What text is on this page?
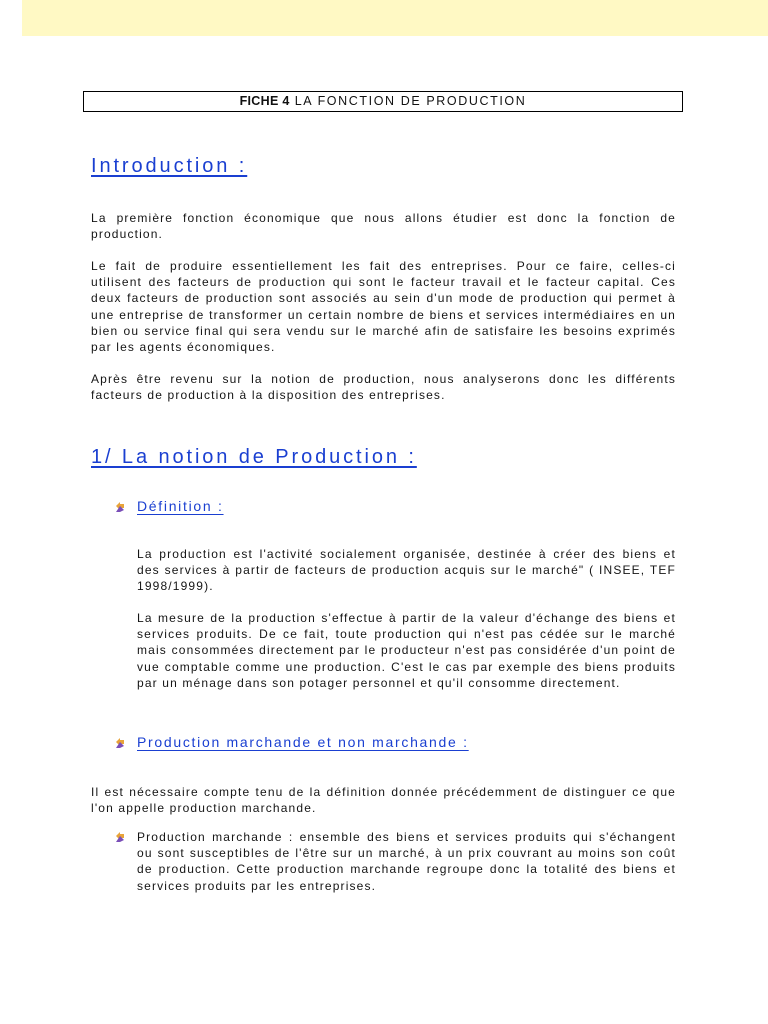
FICHE 4 LA FONCTION DE PRODUCTION
Introduction :

La première fonction économique que nous allons étudier est donc la fonction de production.

Le fait de produire essentiellement les fait des entreprises. Pour ce faire, celles-ci utilisent des facteurs de production qui sont le facteur travail et le facteur capital. Ces deux facteurs de production sont associés au sein d'un mode de production qui permet à une entreprise de transformer un certain nombre de biens et services intermédiaires en un bien ou service final qui sera vendu sur le marché afin de satisfaire les besoins exprimés par les agents économiques.

Après être revenu sur la notion de production, nous analyserons donc les différents facteurs de production à la disposition des entreprises.

1/ La notion de Production :
Définition :

La production est l'activité socialement organisée, destinée à créer des biens et des services à partir de facteurs de production acquis sur le marché" ( INSEE, TEF 1998/1999).

La mesure de la production s'effectue à partir de la valeur d'échange des biens et services produits. De ce fait, toute production qui n'est pas cédée sur le marché mais consommées directement par le producteur n'est pas considérée d'un point de vue comptable comme une production. C'est le cas par exemple des biens produits par un ménage dans son potager personnel et qu'il consomme directement.

Production marchande et non marchande :

Il est nécessaire compte tenu de la définition donnée précédemment de distinguer ce que l'on appelle production marchande.

Production marchande : ensemble des biens et services produits qui s'échangent ou sont susceptibles de l'être sur un marché, à un prix couvrant au moins son coût de production. Cette production marchande regroupe donc la totalité des biens et services produits par les entreprises.
